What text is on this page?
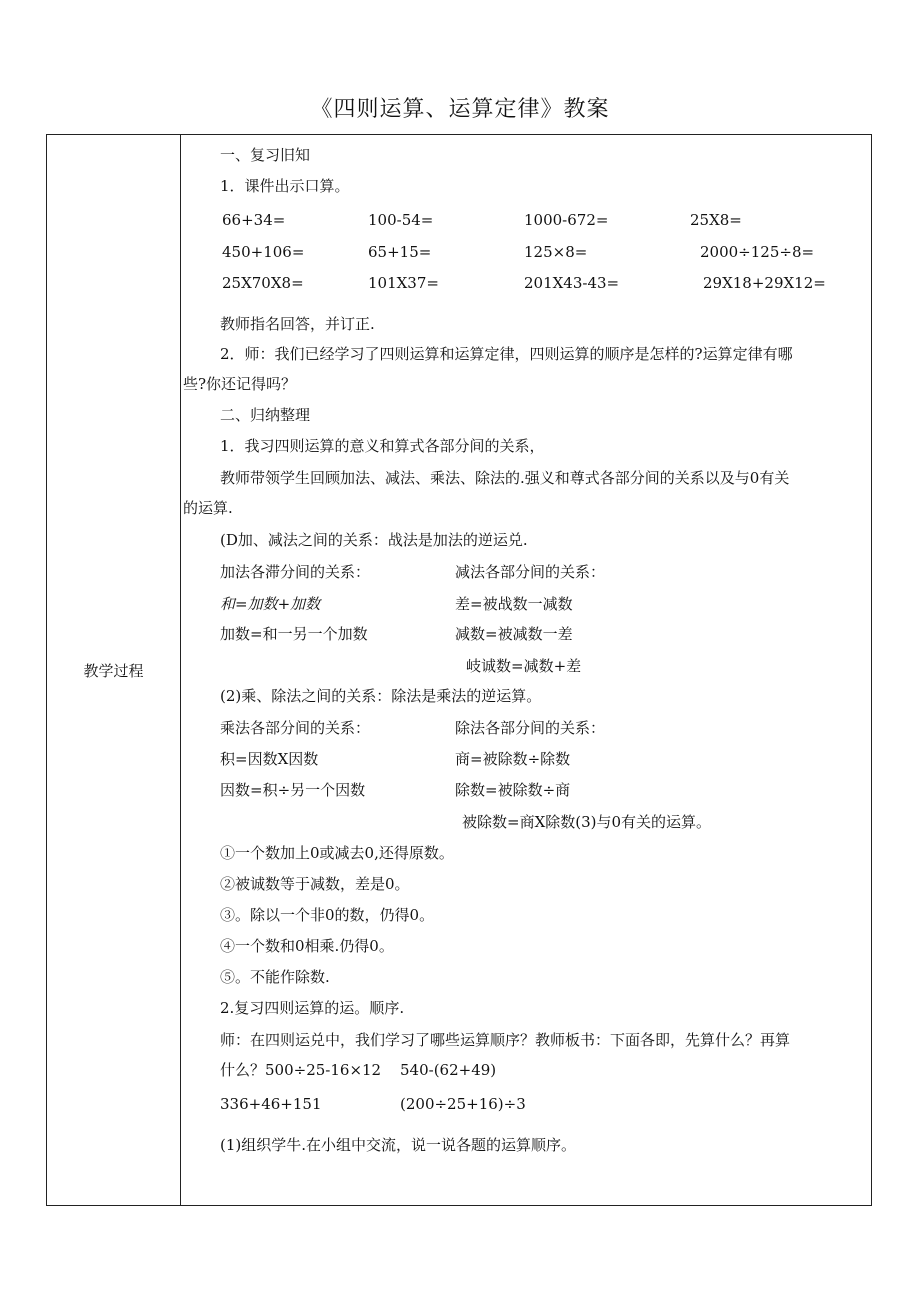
《四则运算、运算定律》教案
教学过程
一、复习旧知
1．课件出示口算。
66+34=	100-54=	1000-672=	25X8=
450+106=	65+15=	125×8=	2000÷125÷8=
25X70X8=	101X37=	201X43-43=	29X18+29X12=
教师指名回答，并订正.
2．师：我们已经学习了四则运算和运算定律，四则运算的顺序是怎样的?运算定律有哪
些?你还记得吗？
二、归纳整理
1．我习四则运算的意义和算式各部分间的关系，
教师带领学生回顾加法、减法、乘法、除法的.强义和尊式各部分间的关系以及与0有关
的运算.
(D加、减法之间的关系：战法是加法的逆运兑.
加法各滞分间的关系：	减法各部分间的关系：
和=加数+加数	差=被战数一减数
加数=和一另一个加数	减数=被减数一差
岐诚数=减数+差
(2)乘、除法之间的关系：除法是乘法的逆运算。
乘法各部分间的关系：	除法各部分间的关系：
积=因数X因数	商=被除数÷除数
因数=积÷另一个因数	除数=被除数÷商
被除数=商X除数(3)与0有关的运算。
①一个数加上0或减去0,还得原数。
②被诚数等于减数，差是0。
③。除以一个非0的数，仍得0。
④一个数和0相乘.仍得0。
⑤。不能作除数.
2.复习四则运算的运。顺序.
师：在四则运兑中，我们学习了哪些运算顺序？教师板书：下面各即，先算什么？再算
什么？500÷25-16×12 540-(62+49)
336+46+151	(200÷25+16)÷3
(1)组织学牛.在小组中交流，说一说各题的运算顺序。
